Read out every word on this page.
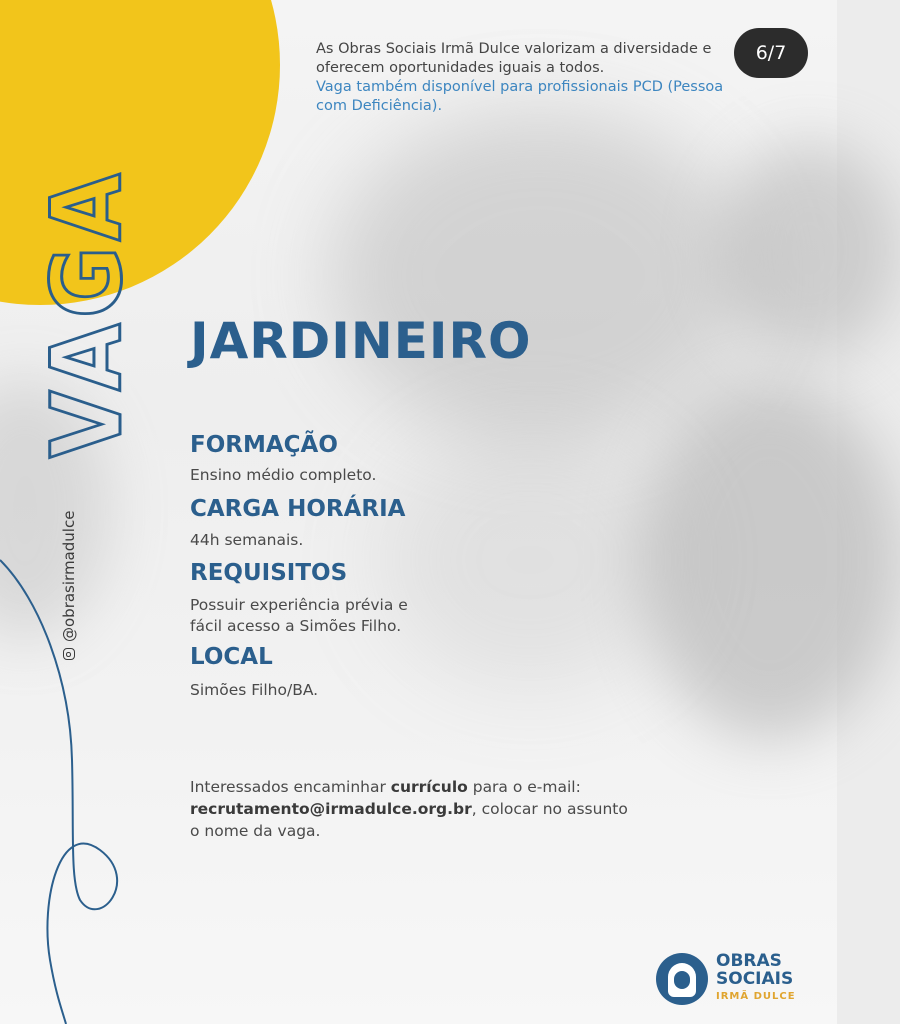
VAGA
@obrasirmadulce
As Obras Sociais Irmã Dulce valorizam a diversidade e oferecem oportunidades iguais a todos.
Vaga também disponível para profissionais PCD (Pessoa com Deficiência).
6/7
JARDINEIRO
FORMAÇÃO
Ensino médio completo.
CARGA HORÁRIA
44h semanais.
REQUISITOS
Possuir experiência prévia e
fácil acesso a Simões Filho.
LOCAL
Simões Filho/BA.
Interessados encaminhar currículo para o e-mail:
recrutamento@irmadulce.org.br, colocar no assunto
o nome da vaga.
OBRAS
SOCIAIS
IRMÃ DULCE
